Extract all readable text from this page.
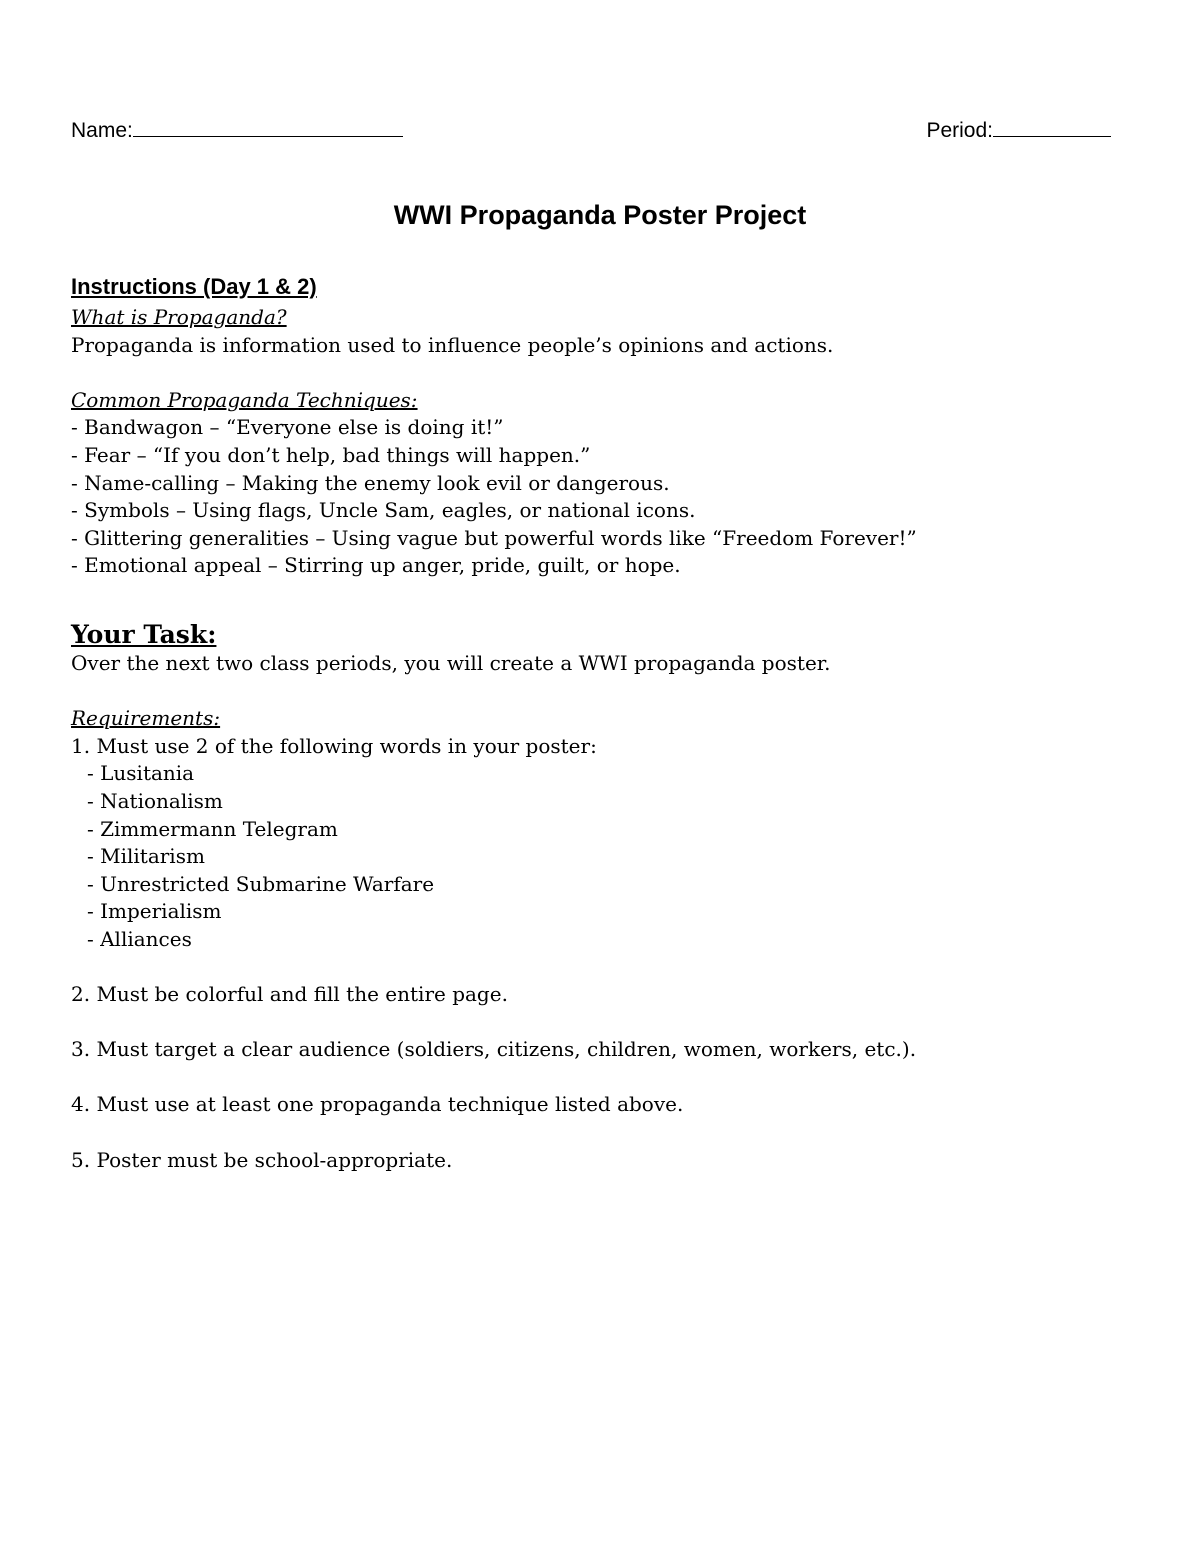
Name:	Period:
WWI Propaganda Poster Project
Instructions (Day 1 & 2)
What is Propaganda?
Propaganda is information used to influence people’s opinions and actions.
Common Propaganda Techniques:
- Bandwagon – “Everyone else is doing it!”
- Fear – “If you don’t help, bad things will happen.”
- Name-calling – Making the enemy look evil or dangerous.
- Symbols – Using flags, Uncle Sam, eagles, or national icons.
- Glittering generalities – Using vague but powerful words like “Freedom Forever!”
- Emotional appeal – Stirring up anger, pride, guilt, or hope.
Your Task:
Over the next two class periods, you will create a WWI propaganda poster.
Requirements:
1. Must use 2 of the following words in your poster:
- Lusitania
- Nationalism
- Zimmermann Telegram
- Militarism
- Unrestricted Submarine Warfare
- Imperialism
- Alliances
2. Must be colorful and fill the entire page.
3. Must target a clear audience (soldiers, citizens, children, women, workers, etc.).
4. Must use at least one propaganda technique listed above.
5. Poster must be school-appropriate.
